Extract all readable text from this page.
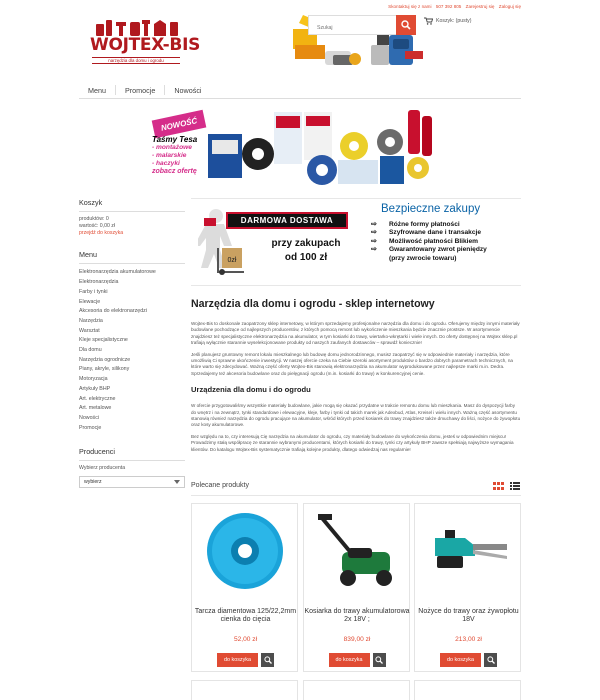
Skontaktuj się z nami 507 392 805 Zarejestruj się Zaloguj się
WOJTEX-BIS
narzędzia dla domu i ogrodu
Szukaj
Koszyk: (pusty)
Menu	Promocje	Nowości
NOWOŚĆ
Taśmy Tesa
- montażowe
- malarskie
- haczyki
zobacz ofertę
Koszyk
produktów: 0
wartość: 0,00 zł
przejdź do koszyka
Menu
Elektronarzędzia akumulatorowe
Elektronarzędzia
Farby i tynki
Elewacje
Akcesoria do elektronarzędzi
Narzędzia
Warsztat
Kleje specjalistyczne
Dla domu
Narzędzia ogrodnicze
Piany, akryle, silikony
Motoryzacja
Artykuły BHP
Art. elektryczne
Art. metalowe
Nowości
Promocje
Producenci
Wybierz producenta
wybierz
0zł
DARMOWA DOSTAWA
przy zakupach
od 100 zł
Bezpieczne zakupy
⇨	Różne formy płatności
⇨	Szyfrowane dane i transakcje
⇨	Możliwość płatności Blikiem
⇨	Gwarantowany zwrot pieniędzy
(przy zwrocie towaru)
Narzędzia dla domu i ogrodu - sklep internetowy

Wojtex-Bis to doskonale zaopatrzony sklep internetowy, w którym sprzedajemy profesjonalne narzędzia dla domu i do ogrodu. Oferujemy między innymi materiały budowlane pochodzące od najlepszych producentów, z których pomocą remont lub wykończenie mieszkania będzie znacznie prostsze. W asortymencie znajdziesz też specjalistyczne elektronarzędzia na akumulator, w tym kosiarki do trawy, wiertarko-wkrętarki i wiele innych. Do oferty dostępnej na Wojtex sklep.pl trafiają wyłącznie starannie wyselekcjonowane produkty od naszych zaufanych dostawców – sprawdź koniecznie!

Jeśli planujesz gruntowny remont lokalu mieszkalnego lub budowę domu jednorodzinnego, musisz zaopatrzyć się w odpowiednie materiały i narzędzia, które umożliwią Ci sprawne ukończenie inwestycji. W naszej ofercie czeka na Ciebie szeroki asortyment produktów o bardzo dobrych parametrach technicznych, na które warto się zdecydować. Ważną część oferty Wojtex-Bis stanowią elektronarzędzia na akumulator wyprodukowane przez najlepsze marki m.in. Dedra. Sprzedajemy też akcesoria budowlane oraz do pielęgnacji ogrodu (m.in. kosiarki do trawy) w konkurencyjnej cenie.

Urządzenia dla domu i do ogrodu

W ofercie przygotowaliśmy wszystkie materiały budowlane, jakie mogą się okazać przydatne w trakcie remontu domu lub mieszkania. Masz do dyspozycji farby do wnętrz i na zewnątrz, tynki standardowe i elewacyjne, kleje, farby i tynki od takich marek jak Adexbud, Atlas, Kreisel i wielu innych. Ważną część asortymentu stanowią również narzędzia do ogrodu pracujące na akumulator, wśród których przed kosiarek do trawy znajdziesz także dmuchawy do liści, nożyce do żywopłotu oraz kosy akumulatorowe.

Bez względu na to, czy interesują Cię narzędzia na akumulator do ogrodu, czy materiały budowlane do wykończenia domu, jesteś w odpowiednim miejscu! Prowadzimy stałą współpracę ze starannie wybranymi producentami, których kosiarki do trawy, tynki czy artykuły BHP zawsze spełniają najwyższe wymagania klientów. Do katalogu Wojtex-Bis systematycznie trafiają kolejne produkty, dlatego odwiedzaj nas regularnie!

Polecane produkty
Tarcza diamentowa 125/22,2mm cienka do cięcia
52,00 zł
do koszyka
Kosiarka do trawy akumulatorowa 2x 18V ;
839,00 zł
do koszyka
Nożyce do trawy oraz żywopłotu 18V
213,00 zł
do koszyka
